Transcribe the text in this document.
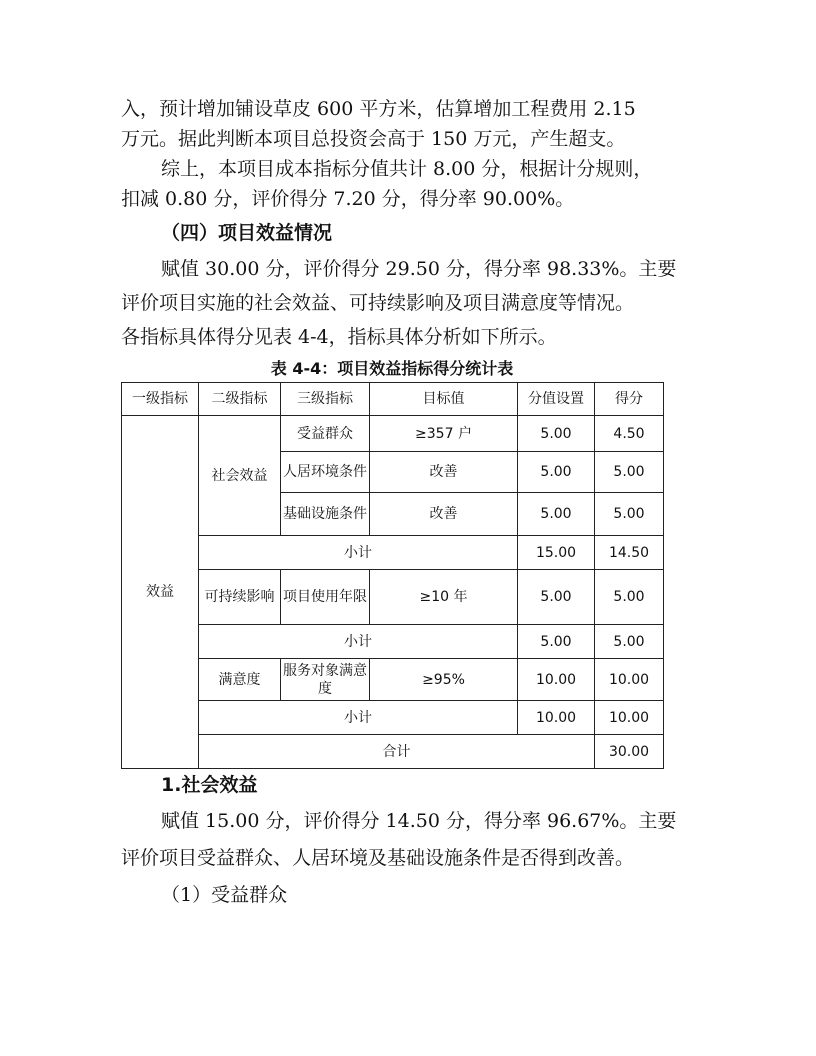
入，预计增加铺设草皮 600 平方米，估算增加工程费用 2.15

万元。据此判断本项目总投资会高于 150 万元，产生超支。

综上，本项目成本指标分值共计 8.00 分，根据计分规则，

扣减 0.80 分，评价得分 7.20 分，得分率 90.00%。

（四）项目效益情况

赋值 30.00 分，评价得分 29.50 分，得分率 98.33%。主要

评价项目实施的社会效益、可持续影响及项目满意度等情况。

各指标具体得分见表 4-4，指标具体分析如下所示。

表 4-4：项目效益指标得分统计表
一级指标	二级指标	三级指标	目标值	分值设置	得分	
效益	社会效益	受益群众	≥357 户	5.00	4.50	
		人居环境条件	改善	5.00	5.00	
		基础设施条件	改善	5.00	5.00	
	小计			15.00	14.50	
	可持续影响	项目使用年限	≥10 年	5.00	5.00	
	小计			5.00	5.00	
	满意度	服务对象满意度	≥95%	10.00	10.00	
	小计			10.00	10.00	
	合计				30.00	
1.社会效益

赋值 15.00 分，评价得分 14.50 分，得分率 96.67%。主要

评价项目受益群众、人居环境及基础设施条件是否得到改善。

（1）受益群众
